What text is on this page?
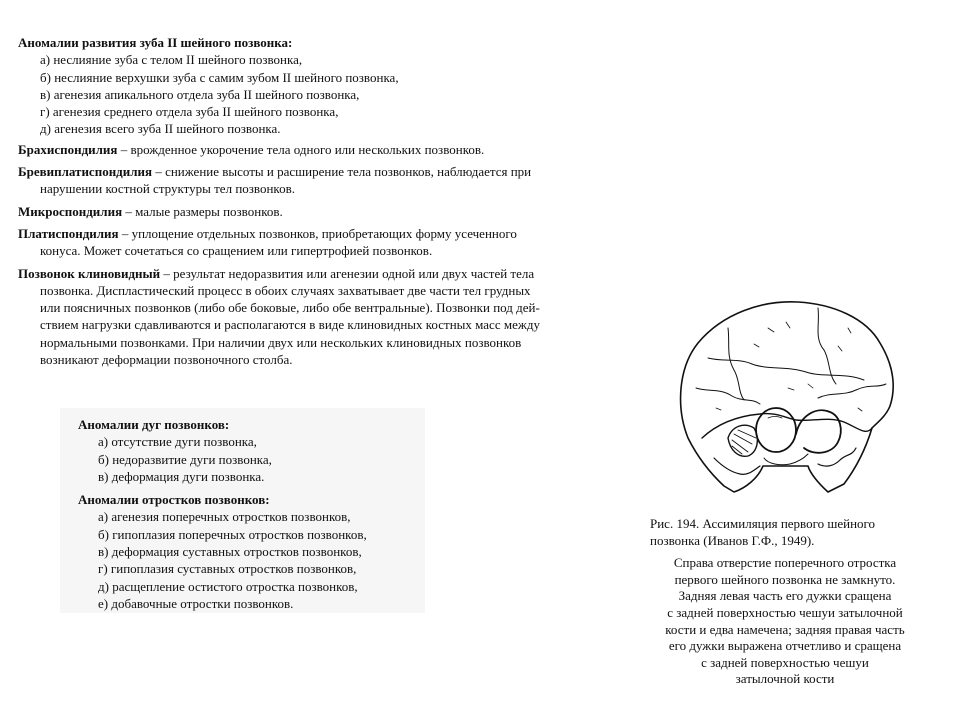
Аномалии развития зуба II шейного позвонка:
а) неслияние зуба с телом II шейного позвонка,
б) неслияние верхушки зуба с самим зубом II шейного позвонка,
в) агенезия апикального отдела зуба II шейного позвонка,
г) агенезия среднего отдела зуба II шейного позвонка,
д) агенезия всего зуба II шейного позвонка.
Брахиспондилия – врожденное укорочение тела одного или нескольких позвонков.
Бревиплатиспондилия – снижение высоты и расширение тела позвонков, наблюдается при
нарушении костной структуры тел позвонков.
Микроспондилия – малые размеры позвонков.
Платиспондилия – уплощение отдельных позвонков, приобретающих форму усеченного
конуса. Может сочетаться со сращением или гипертрофией позвонков.
Позвонок клиновидный – результат недоразвития или агенезии одной или двух частей тела
позвонка. Диспластический процесс в обоих случаях захватывает две части тел грудных
или поясничных позвонков (либо обе боковые, либо обе вентральные). Позвонки под дей-
ствием нагрузки сдавливаются и располагаются в виде клиновидных костных масс между
нормальными позвонками. При наличии двух или нескольких клиновидных позвонков
возникают деформации позвоночного столба.
Аномалии дуг позвонков:
а) отсутствие дуги позвонка,
б) недоразвитие дуги позвонка,
в) деформация дуги позвонка.
Аномалии отростков позвонков:
а) агенезия поперечных отростков позвонков,
б) гипоплазия поперечных отростков позвонков,
в) деформация суставных отростков позвонков,
г) гипоплазия суставных отростков позвонков,
д) расщепление остистого отростка позвонков,
е) добавочные отростки позвонков.
Рис. 194. Ассимиляция первого шейного
позвонка (Иванов Г.Ф., 1949).
Справа отверстие поперечного отростка
первого шейного позвонка не замкнуто.
Задняя левая часть его дужки сращена
с задней поверхностью чешуи затылочной
кости и едва намечена; задняя правая часть
его дужки выражена отчетливо и сращена
с задней поверхностью чешуи
затылочной кости
